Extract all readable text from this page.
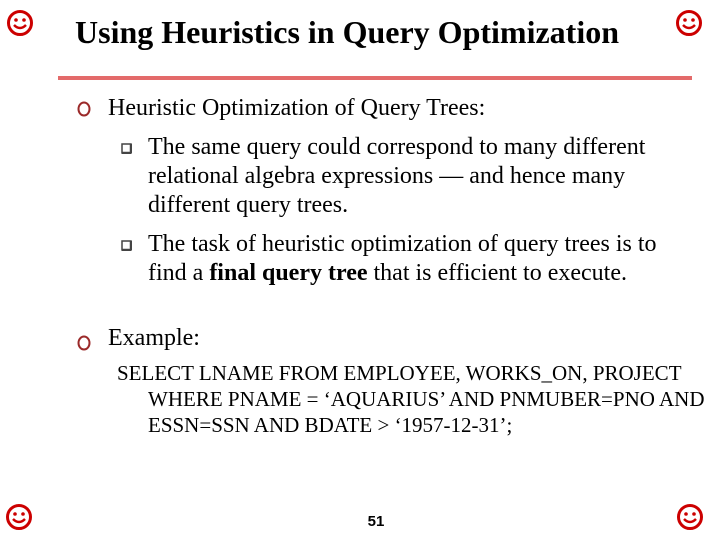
Using Heuristics in Query Optimization
Heuristic Optimization of Query Trees:
The same query could correspond to many different relational algebra expressions — and hence many different query trees.
The task of heuristic optimization of query trees is to find a final query tree that is efficient to execute.
Example:
SELECT LNAME FROM EMPLOYEE, WORKS_ON, PROJECT WHERE PNAME = ‘AQUARIUS’ AND PNMUBER=PNO AND ESSN=SSN AND BDATE > ‘1957-12-31’;
51
